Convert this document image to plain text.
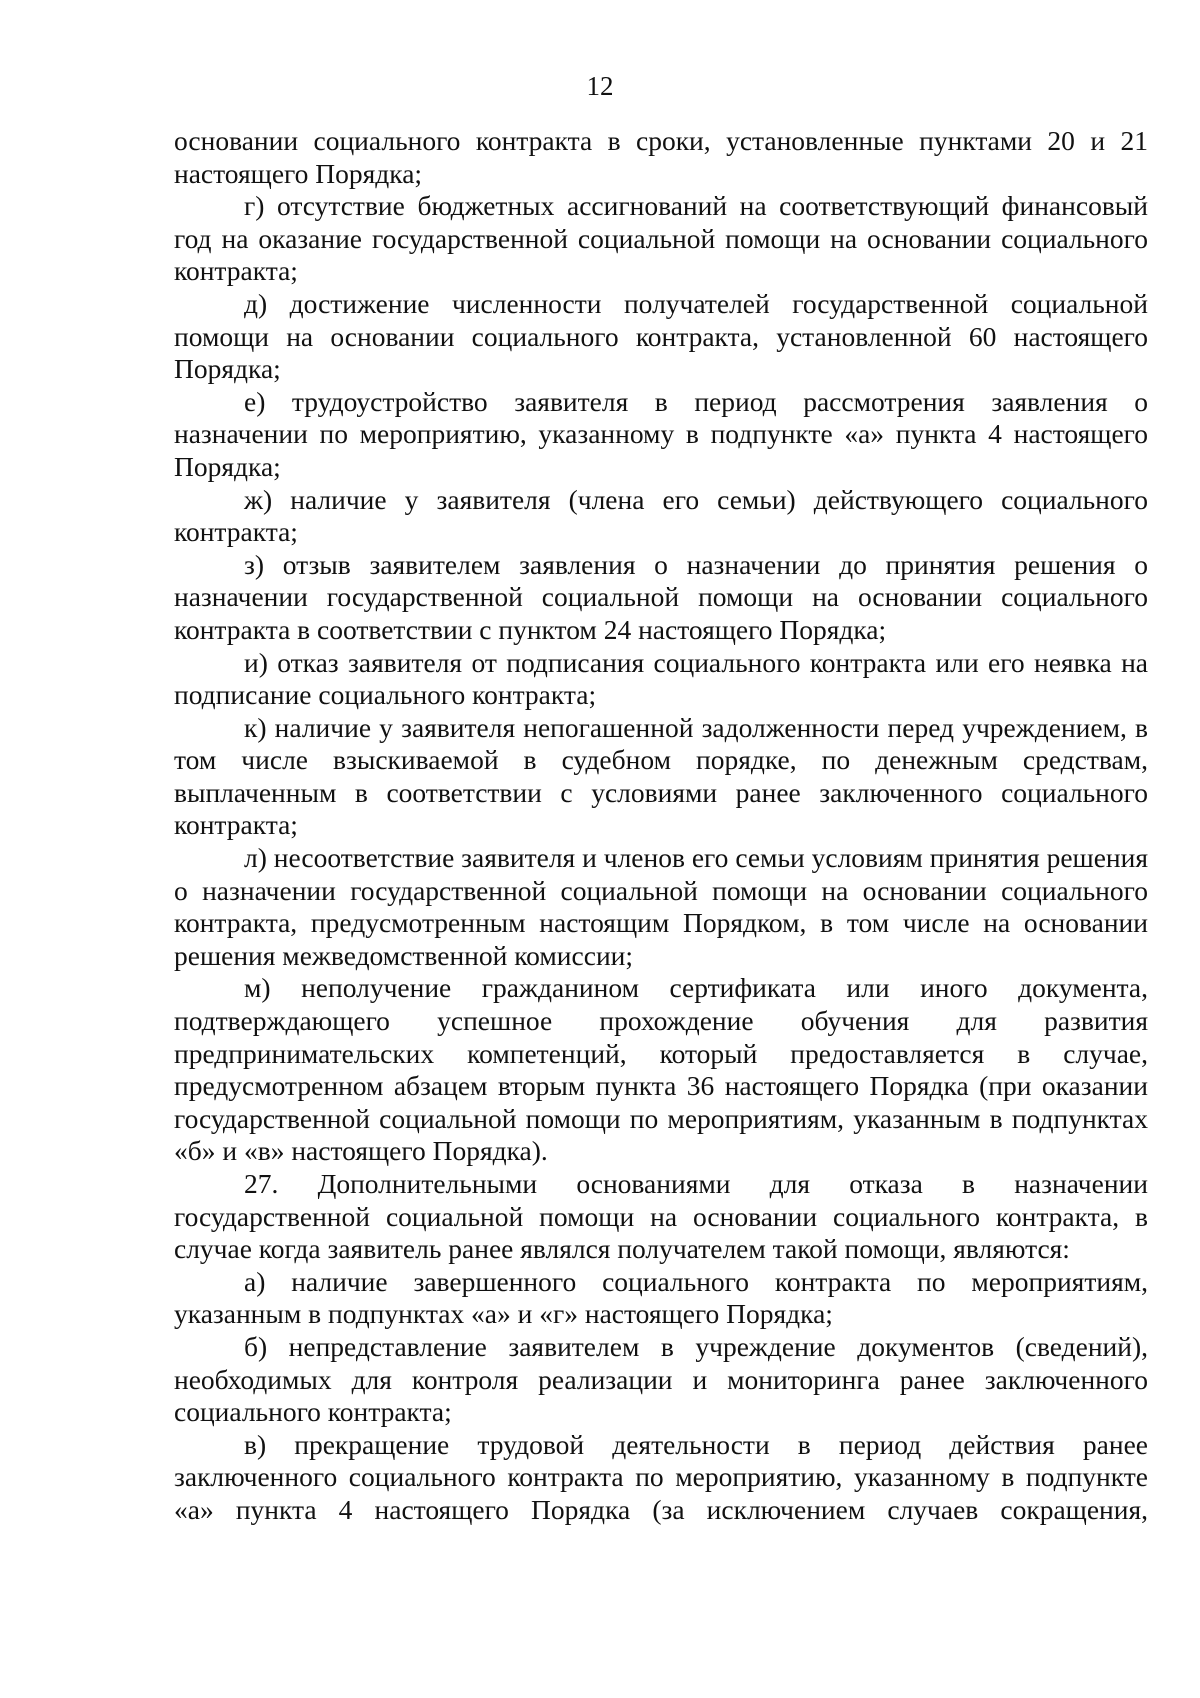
12

основании социального контракта в сроки, установленные пунктами 20 и 21 настоящего Порядка;

г) отсутствие бюджетных ассигнований на соответствующий финансовый год на оказание государственной социальной помощи на основании социального контракта;

д) достижение численности получателей государственной социальной помощи на основании социального контракта, установленной 60 настоящего Порядка;

е) трудоустройство заявителя в период рассмотрения заявления о назначении по мероприятию, указанному в подпункте «а» пункта 4 настоящего Порядка;

ж) наличие у заявителя (члена его семьи) действующего социального контракта;

з) отзыв заявителем заявления о назначении до принятия решения о назначении государственной социальной помощи на основании социального контракта в соответствии с пунктом 24 настоящего Порядка;

и) отказ заявителя от подписания социального контракта или его неявка на подписание социального контракта;

к) наличие у заявителя непогашенной задолженности перед учреждением, в том числе взыскиваемой в судебном порядке, по денежным средствам, выплаченным в соответствии с условиями ранее заключенного социального контракта;

л) несоответствие заявителя и членов его семьи условиям принятия решения о назначении государственной социальной помощи на основании социального контракта, предусмотренным настоящим Порядком, в том числе на основании решения межведомственной комиссии;

м) неполучение гражданином сертификата или иного документа, подтверждающего успешное прохождение обучения для развития предпринимательских компетенций, который предоставляется в случае, предусмотренном абзацем вторым пункта 36 настоящего Порядка (при оказании государственной социальной помощи по мероприятиям, указанным в подпунктах «б» и «в» настоящего Порядка).

27. Дополнительными основаниями для отказа в назначении государственной социальной помощи на основании социального контракта, в случае когда заявитель ранее являлся получателем такой помощи, являются:

а) наличие завершенного социального контракта по мероприятиям, указанным в подпунктах «а» и «г» настоящего Порядка;

б) непредставление заявителем в учреждение документов (сведений), необходимых для контроля реализации и мониторинга ранее заключенного социального контракта;

в) прекращение трудовой деятельности в период действия ранее заключенного социального контракта по мероприятию, указанному в подпункте «а» пункта 4 настоящего Порядка (за исключением случаев сокращения,
